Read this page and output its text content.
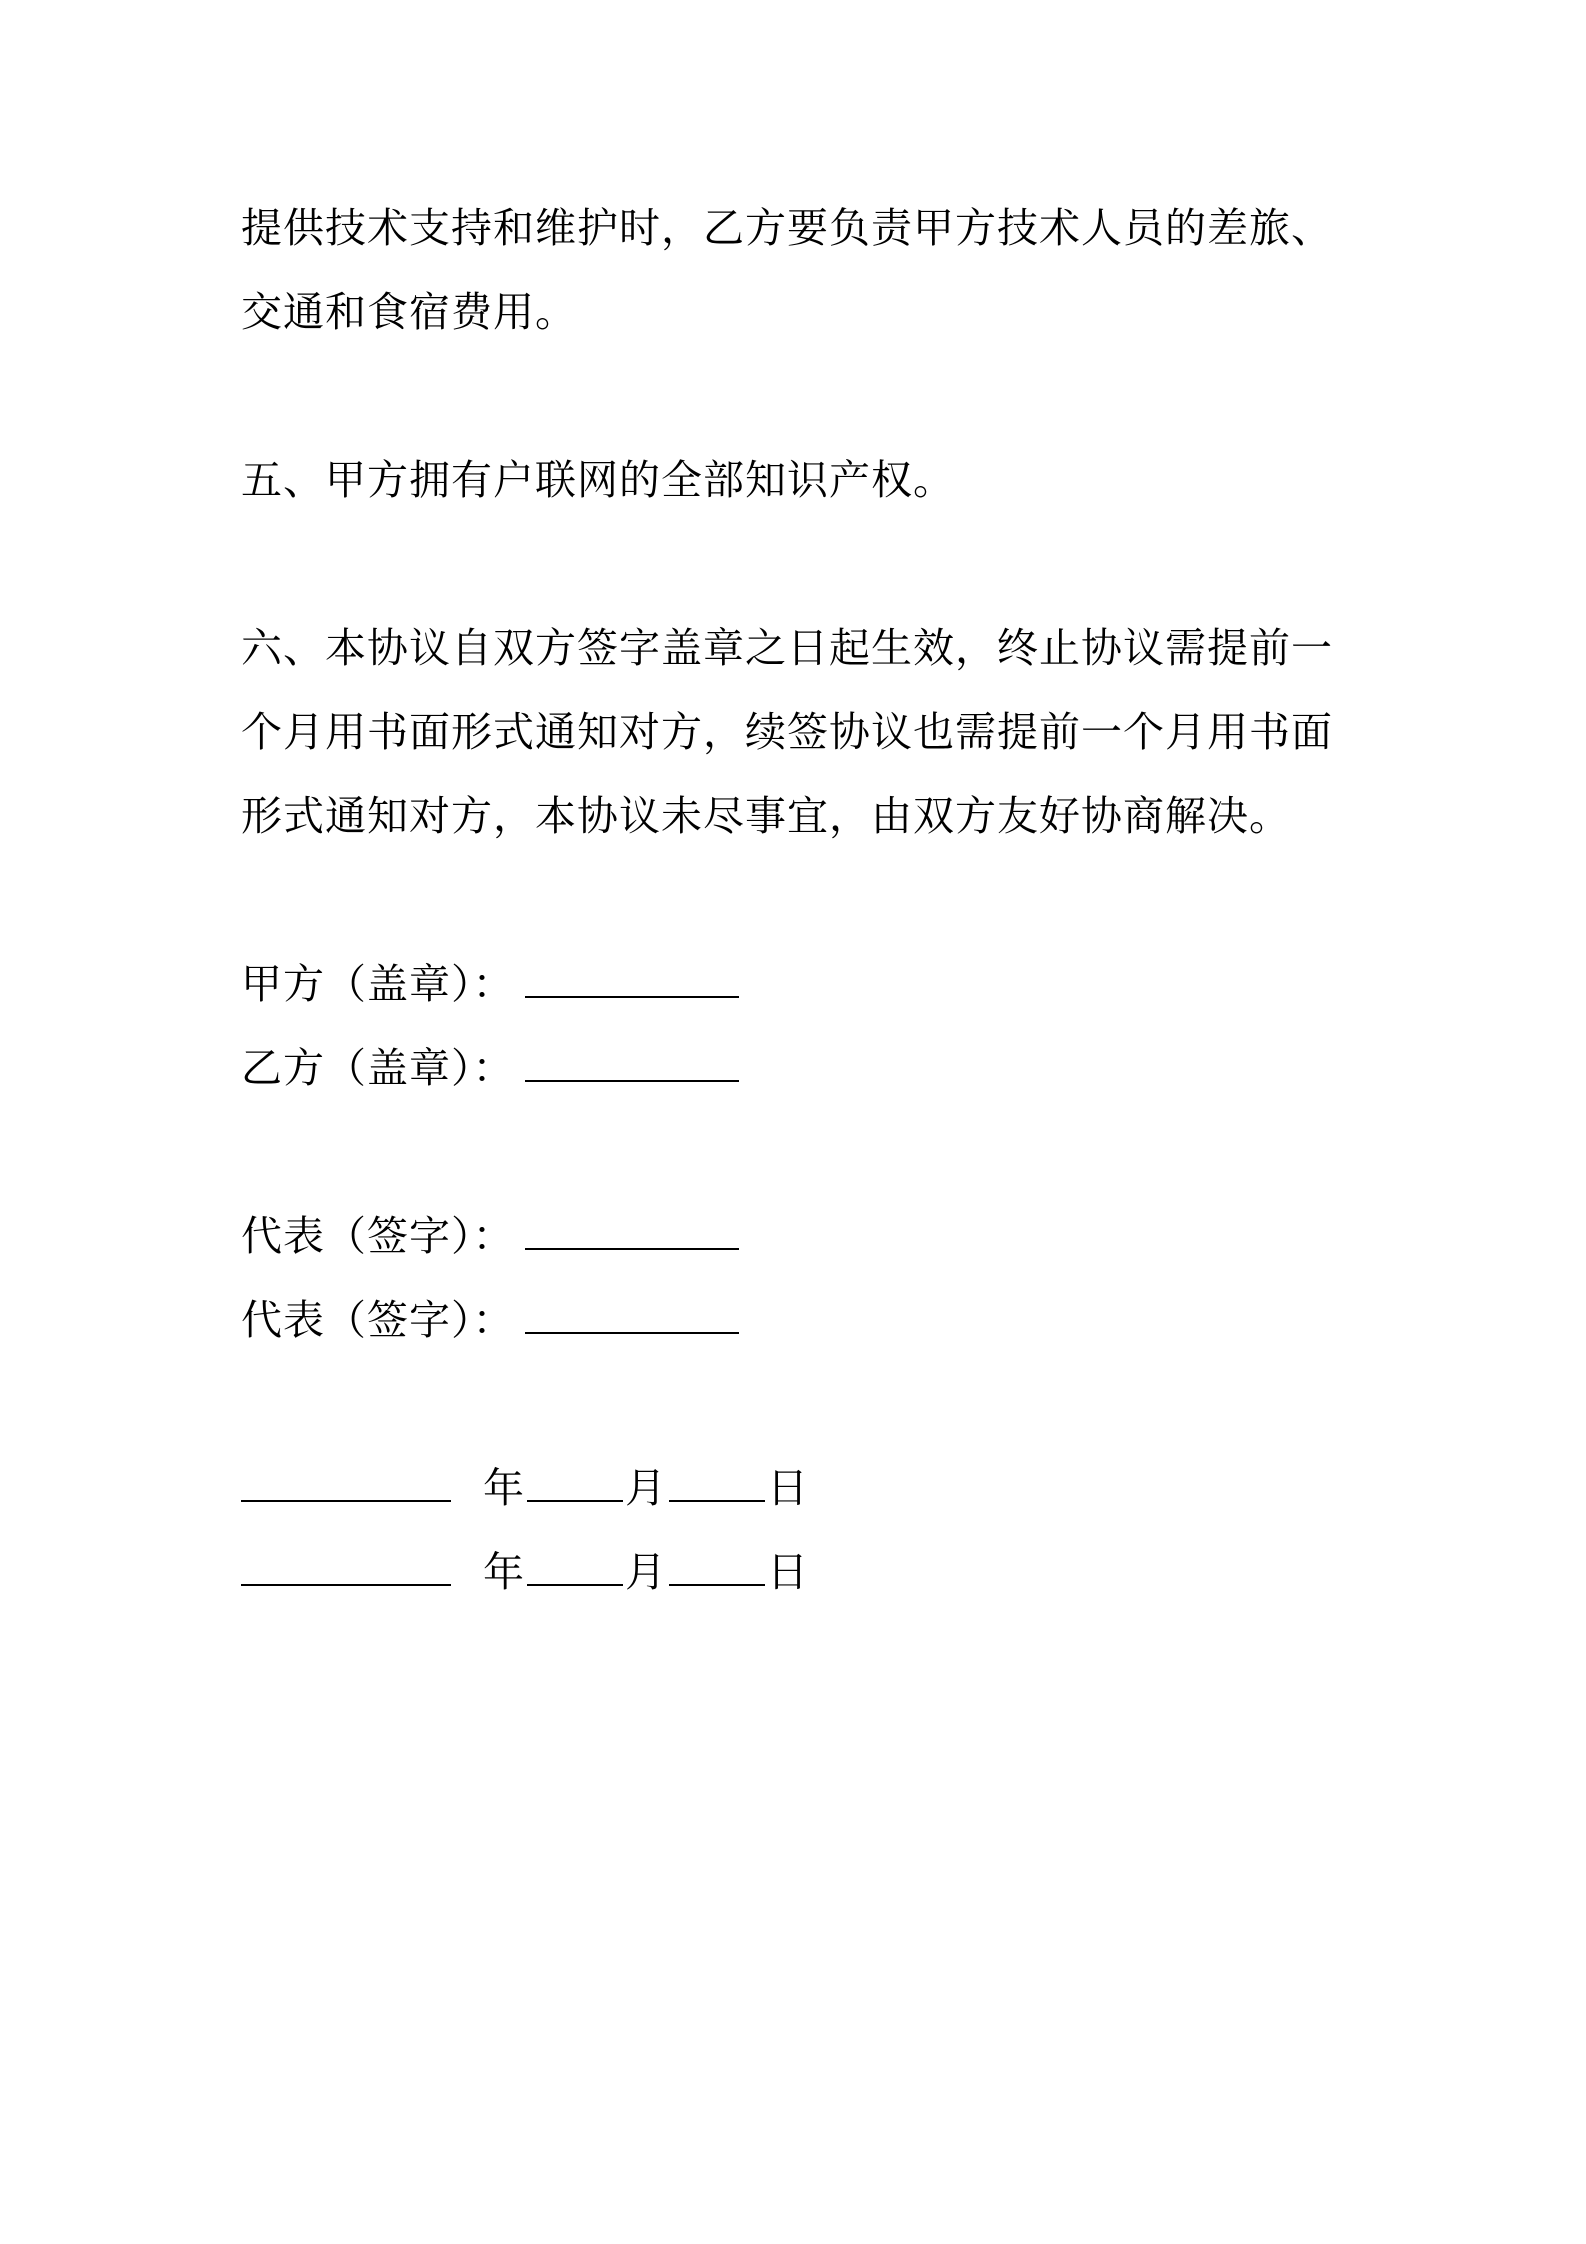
提供技术支持和维护时，乙方要负责甲方技术人员的差旅、
交通和食宿费用。
五、甲方拥有户联网的全部知识产权。
六、本协议自双方签字盖章之日起生效，终止协议需提前一
个月用书面形式通知对方，续签协议也需提前一个月用书面
形式通知对方，本协议未尽事宜，由双方友好协商解决。
甲方（盖章）：
乙方（盖章）：
代表（签字）：
代表（签字）：
年 月 日
年 月 日
